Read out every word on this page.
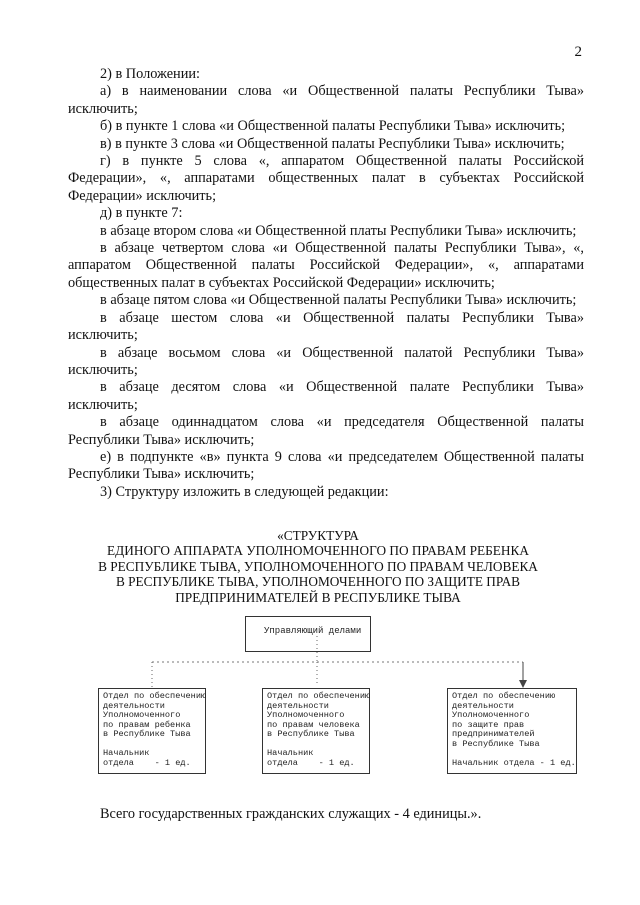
2

2) в Положении:

а) в наименовании слова «и Общественной палаты Республики Тыва» исключить;

б) в пункте 1 слова «и Общественной палаты Республики Тыва» исключить;

в) в пункте 3 слова «и Общественной палаты Республики Тыва» исключить;

г) в пункте 5 слова «, аппаратом Общественной палаты Российской Федерации», «, аппаратами общественных палат в субъектах Российской Федерации» исключить;

д) в пункте 7:

в абзаце втором слова «и Общественной платы Республики Тыва» исключить;

в абзаце четвертом слова «и Общественной палаты Республики Тыва», «, аппаратом Общественной палаты Российской Федерации», «, аппаратами общественных палат в субъектах Российской Федерации» исключить;

в абзаце пятом слова «и Общественной палаты Республики Тыва» исключить;

в абзаце шестом слова «и Общественной палаты Республики Тыва» исключить;

в абзаце восьмом слова «и Общественной палатой Республики Тыва» исключить;

в абзаце десятом слова «и Общественной палате Республики Тыва» исключить;

в абзаце одиннадцатом слова «и председателя Общественной палаты Республики Тыва» исключить;

е) в подпункте «в» пункта 9 слова «и председателем Общественной палаты Республики Тыва» исключить;

3) Структуру изложить в следующей редакции:

«СТРУКТУРА
ЕДИНОГО АППАРАТА УПОЛНОМОЧЕННОГО ПО ПРАВАМ РЕБЕНКА
В РЕСПУБЛИКЕ ТЫВА, УПОЛНОМОЧЕННОГО ПО ПРАВАМ ЧЕЛОВЕКА
В РЕСПУБЛИКЕ ТЫВА, УПОЛНОМОЧЕННОГО ПО ЗАЩИТЕ ПРАВ
ПРЕДПРИНИМАТЕЛЕЙ В РЕСПУБЛИКЕ ТЫВА
Управляющий делами
Отдел по обеспечению
деятельности
Уполномоченного
по правам ребенка
в Республике Тыва
Начальник
отдела    - 1 ед.
Отдел по обеспечению
деятельности
Уполномоченного
по правам человека
в Республике Тыва
Начальник
отдела    - 1 ед.
Отдел по обеспечению
деятельности
Уполномоченного
по защите прав
предпринимателей
в Республике Тыва
Начальник отдела - 1 ед.
Всего государственных гражданских служащих - 4 единицы.».
